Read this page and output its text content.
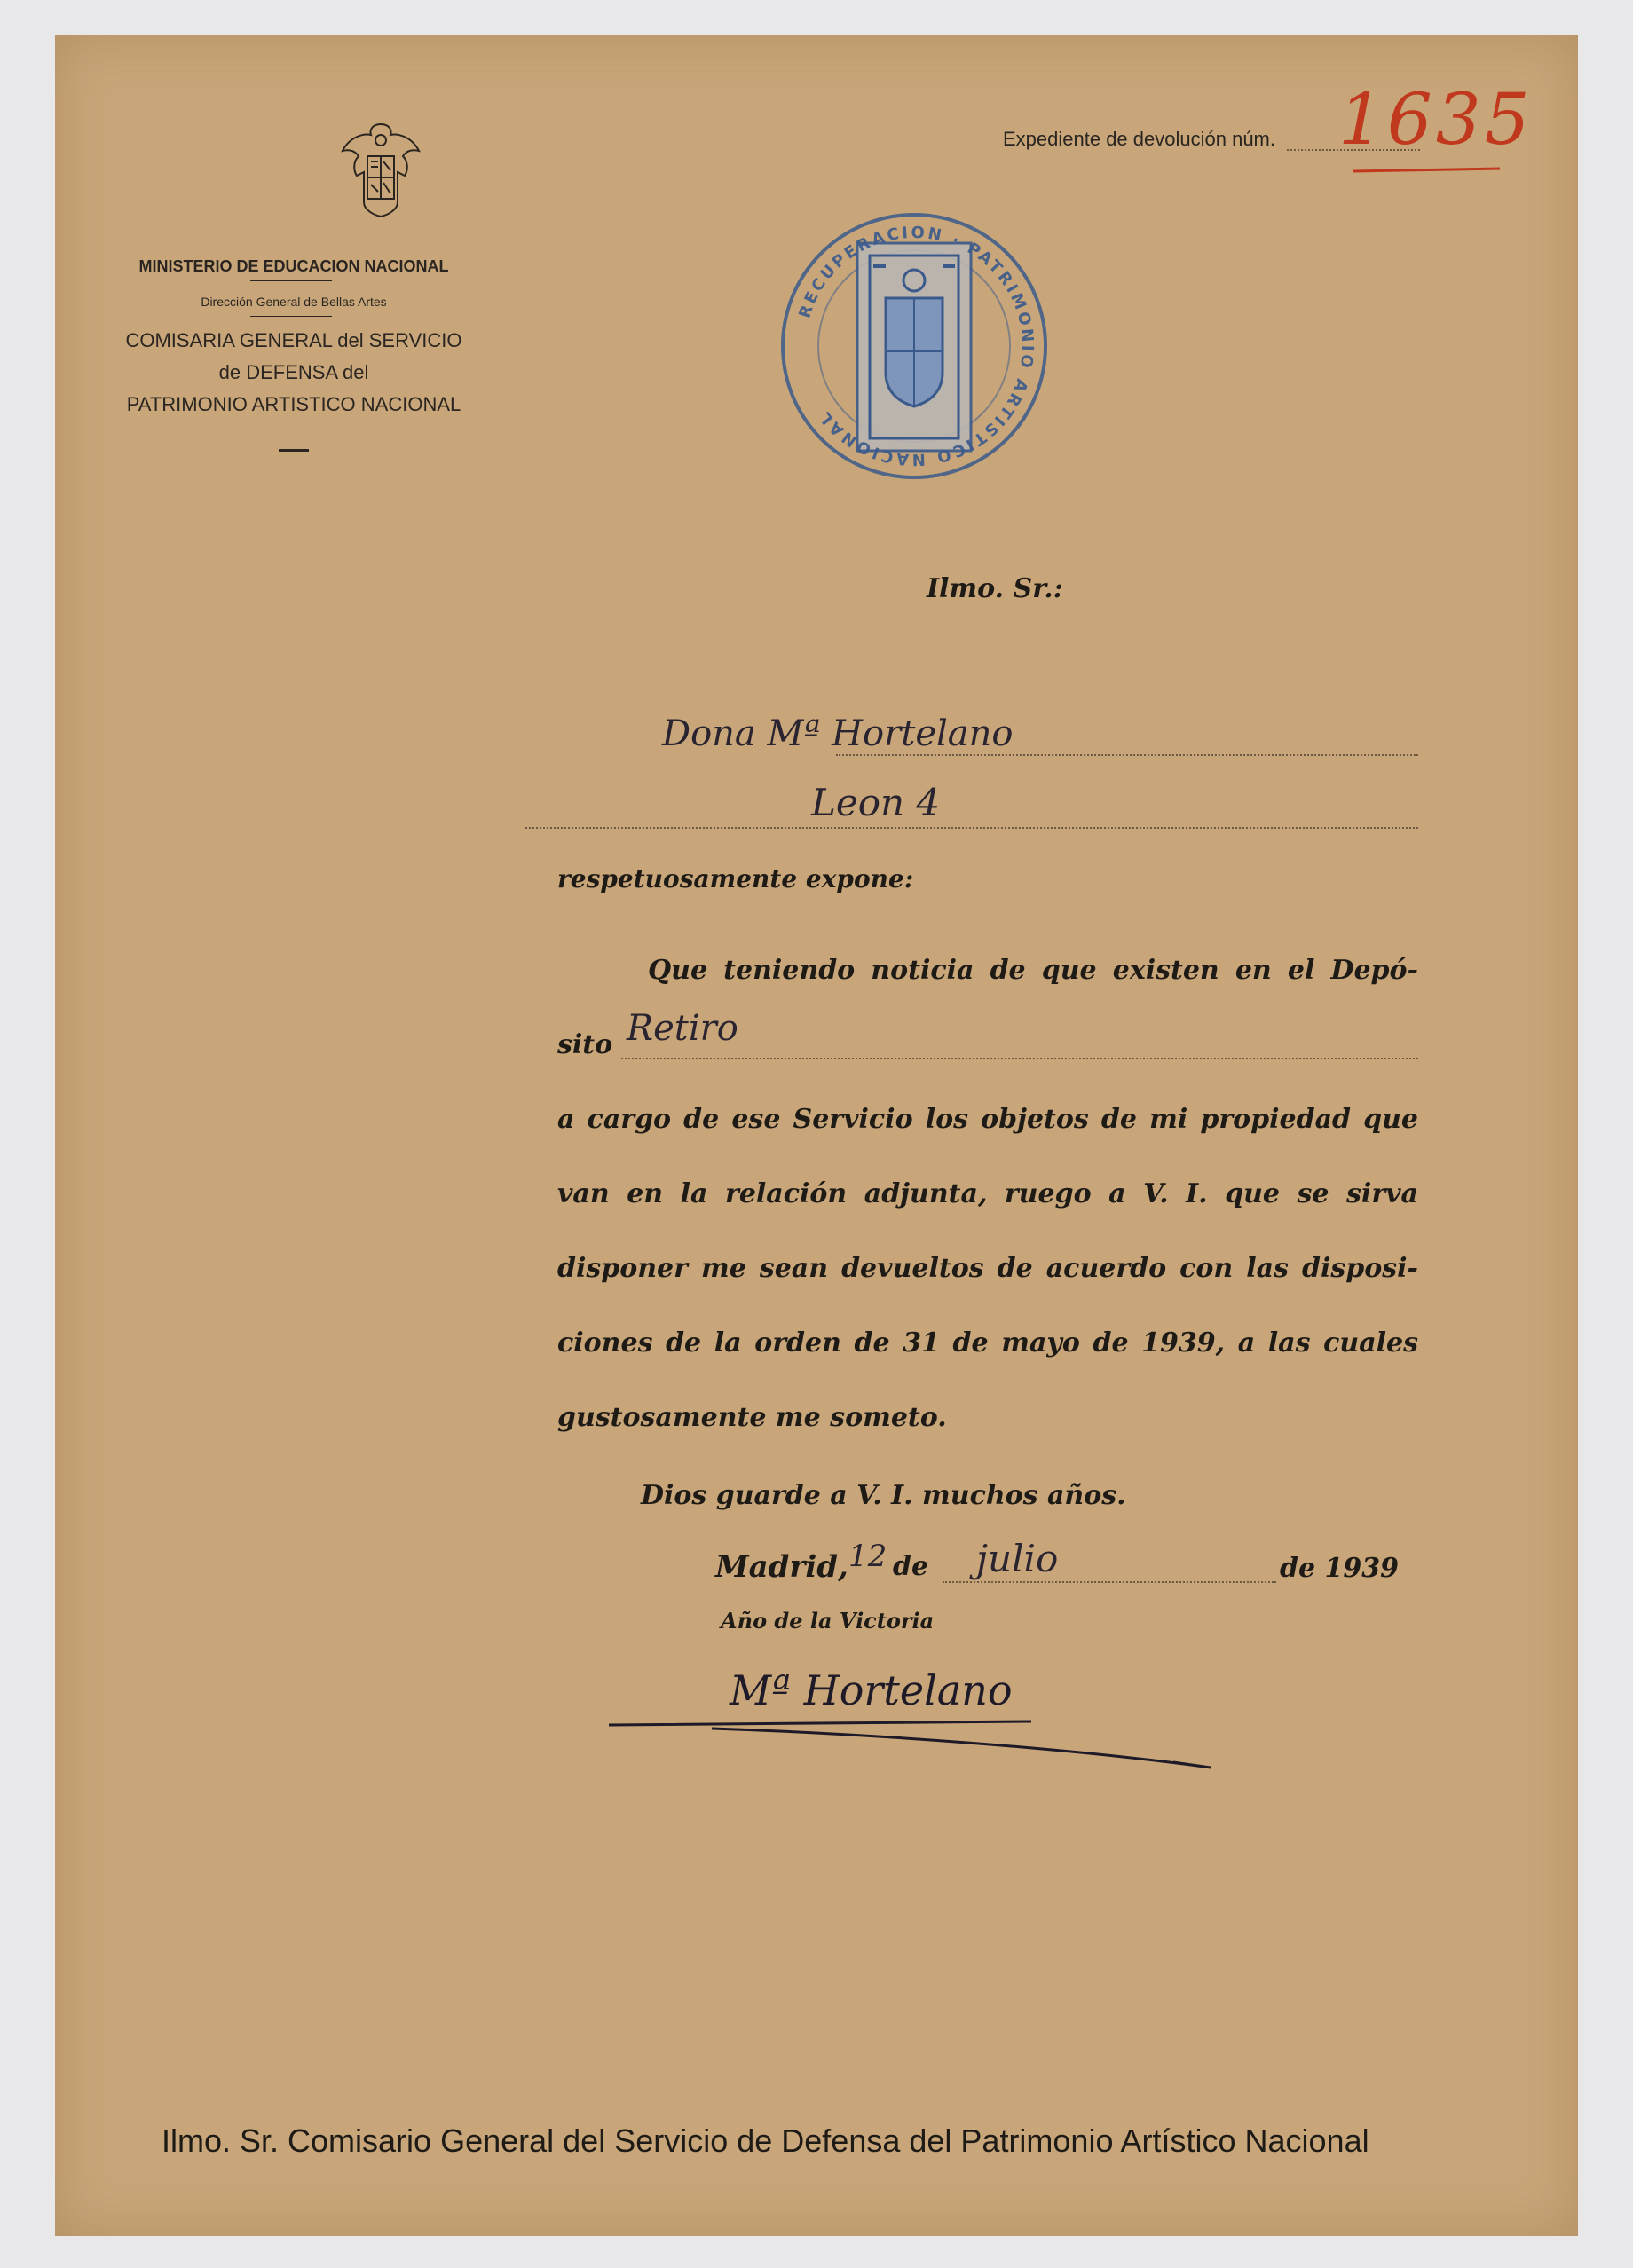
MINISTERIO DE EDUCACION NACIONAL
Dirección General de Bellas Artes
COMISARIA GENERAL del SERVICIO
de DEFENSA del
PATRIMONIO ARTISTICO NACIONAL
Expediente de devolución núm. 1635
RECUPERACION · PATRIMONIO ARTISTICO NACIONAL
Ilmo. Sr.:
Dona Mª Hortelano
Leon 4
respetuosamente expone:
Que teniendo noticia de que existen en el Depó-
sito Retiro
a cargo de ese Servicio los objetos de mi propiedad que
van en la relación adjunta, ruego a V. I. que se sirva
disponer me sean devueltos de acuerdo con las disposi-
ciones de la orden de 31 de mayo de 1939, a las cuales
gustosamente me someto.
Dios guarde a V. I. muchos años.
Madrid, 12 de julio	de 1939
Año de la Victoria
Mª Hortelano
Ilmo. Sr. Comisario General del Servicio de Defensa del Patrimonio Artístico Nacional
